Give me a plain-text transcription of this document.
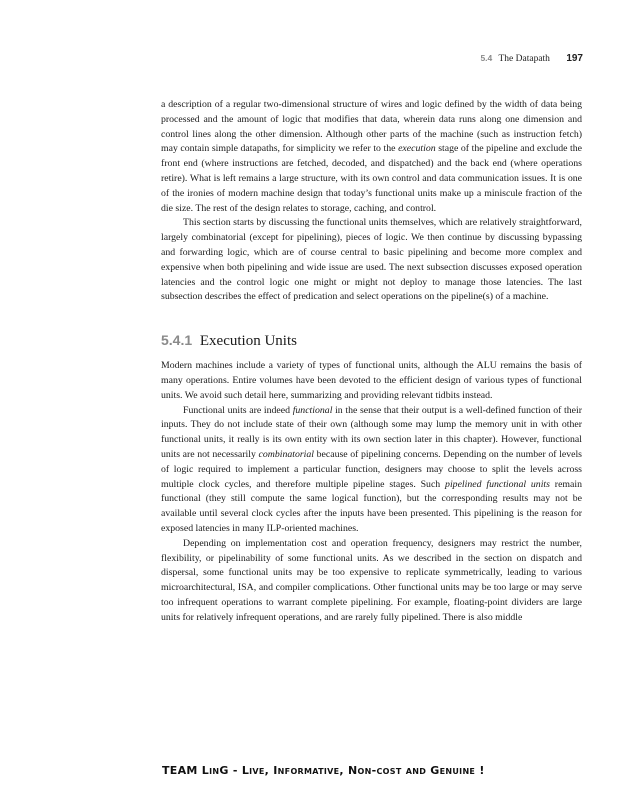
5.4 The Datapath 197

a description of a regular two-dimensional structure of wires and logic defined by the width of data being processed and the amount of logic that modifies that data, wherein data runs along one dimension and control lines along the other dimension. Although other parts of the machine (such as instruction fetch) may contain simple datapaths, for simplicity we refer to the execution stage of the pipeline and exclude the front end (where instructions are fetched, decoded, and dispatched) and the back end (where operations retire). What is left remains a large structure, with its own control and data communication issues. It is one of the ironies of modern machine design that today’s functional units make up a miniscule fraction of the die size. The rest of the design relates to storage, caching, and control.

This section starts by discussing the functional units themselves, which are relatively straightforward, largely combinatorial (except for pipelining), pieces of logic. We then continue by discussing bypassing and forwarding logic, which are of course central to basic pipelining and become more complex and expensive when both pipelining and wide issue are used. The next subsection discusses exposed operation latencies and the control logic one might or might not deploy to manage those latencies. The last subsection describes the effect of predication and select operations on the pipeline(s) of a machine.

5.4.1 Execution Units

Modern machines include a variety of types of functional units, although the ALU remains the basis of many operations. Entire volumes have been devoted to the efficient design of various types of functional units. We avoid such detail here, summarizing and providing relevant tidbits instead.

Functional units are indeed functional in the sense that their output is a well-defined function of their inputs. They do not include state of their own (although some may lump the memory unit in with other functional units, it really is its own entity with its own section later in this chapter). However, functional units are not necessarily combinatorial because of pipelining concerns. Depending on the number of levels of logic required to implement a particular function, designers may choose to split the levels across multiple clock cycles, and therefore multiple pipeline stages. Such pipelined functional units remain functional (they still compute the same logical function), but the corresponding results may not be available until several clock cycles after the inputs have been presented. This pipelining is the reason for exposed latencies in many ILP-oriented machines.

Depending on implementation cost and operation frequency, designers may restrict the number, flexibility, or pipelinability of some functional units. As we described in the section on dispatch and dispersal, some functional units may be too expensive to replicate symmetrically, leading to various microarchitectural, ISA, and compiler complications. Other functional units may be too large or may serve too infrequent operations to warrant complete pipelining. For example, floating-point dividers are large units for relatively infrequent operations, and are rarely fully pipelined. There is also middle

TEAM LinG - Live, Informative, Non-cost and Genuine !
